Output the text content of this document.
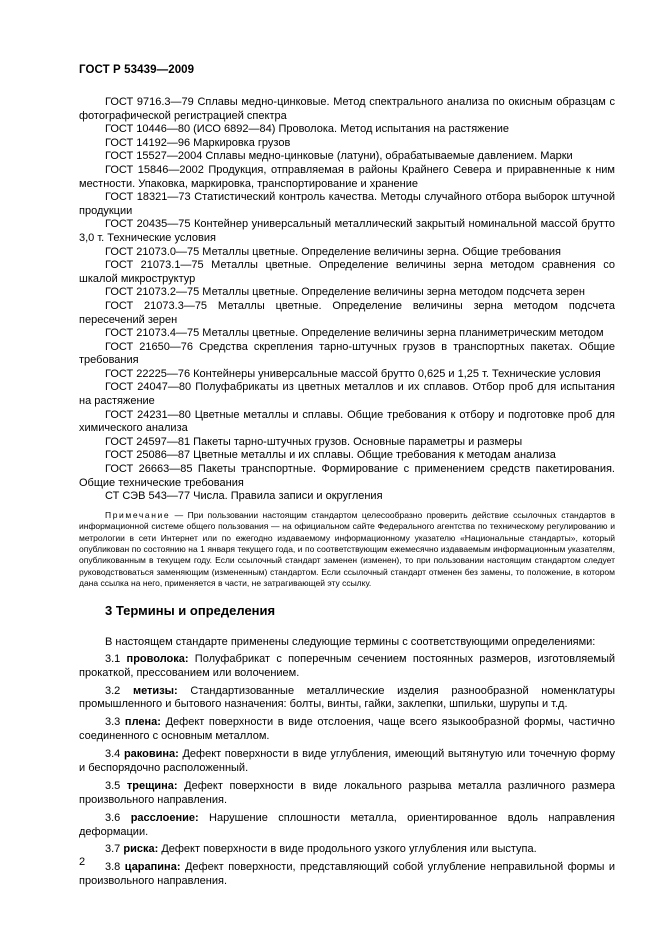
ГОСТ Р 53439—2009

ГОСТ 9716.3—79 Сплавы медно-цинковые. Метод спектрального анализа по окисным образцам с фотографической регистрацией спектра

ГОСТ 10446—80 (ИСО 6892—84) Проволока. Метод испытания на растяжение

ГОСТ 14192—96 Маркировка грузов

ГОСТ 15527—2004 Сплавы медно-цинковые (латуни), обрабатываемые давлением. Марки

ГОСТ 15846—2002 Продукция, отправляемая в районы Крайнего Севера и приравненные к ним местности. Упаковка, маркировка, транспортирование и хранение

ГОСТ 18321—73 Статистический контроль качества. Методы случайного отбора выборок штучной продукции

ГОСТ 20435—75 Контейнер универсальный металлический закрытый номинальной массой брутто 3,0 т. Технические условия

ГОСТ 21073.0—75 Металлы цветные. Определение величины зерна. Общие требования

ГОСТ 21073.1—75 Металлы цветные. Определение величины зерна методом сравнения со шкалой микроструктур

ГОСТ 21073.2—75 Металлы цветные. Определение величины зерна методом подсчета зерен

ГОСТ 21073.3—75 Металлы цветные. Определение величины зерна методом подсчета пересечений зерен

ГОСТ 21073.4—75 Металлы цветные. Определение величины зерна планиметрическим методом

ГОСТ 21650—76 Средства скрепления тарно-штучных грузов в транспортных пакетах. Общие требования

ГОСТ 22225—76 Контейнеры универсальные массой брутто 0,625 и 1,25 т. Технические условия

ГОСТ 24047—80 Полуфабрикаты из цветных металлов и их сплавов. Отбор проб для испытания на растяжение

ГОСТ 24231—80 Цветные металлы и сплавы. Общие требования к отбору и подготовке проб для химического анализа

ГОСТ 24597—81 Пакеты тарно-штучных грузов. Основные параметры и размеры

ГОСТ 25086—87 Цветные металлы и их сплавы. Общие требования к методам анализа

ГОСТ 26663—85 Пакеты транспортные. Формирование с применением средств пакетирования. Общие технические требования

СТ СЭВ 543—77 Числа. Правила записи и округления

Примечание — При пользовании настоящим стандартом целесообразно проверить действие ссылочных стандартов в информационной системе общего пользования — на официальном сайте Федерального агентства по техническому регулированию и метрологии в сети Интернет или по ежегодно издаваемому информационному указателю «Национальные стандарты», который опубликован по состоянию на 1 января текущего года, и по соответствующим ежемесячно издаваемым информационным указателям, опубликованным в текущем году. Если ссылочный стандарт заменен (изменен), то при пользовании настоящим стандартом следует руководствоваться заменяющим (измененным) стандартом. Если ссылочный стандарт отменен без замены, то положение, в котором дана ссылка на него, применяется в части, не затрагивающей эту ссылку.

3 Термины и определения

В настоящем стандарте применены следующие термины с соответствующими определениями:

3.1 проволока: Полуфабрикат с поперечным сечением постоянных размеров, изготовляемый прокаткой, прессованием или волочением.

3.2 метизы: Стандартизованные металлические изделия разнообразной номенклатуры промышленного и бытового назначения: болты, винты, гайки, заклепки, шпильки, шурупы и т.д.

3.3 плена: Дефект поверхности в виде отслоения, чаще всего языкообразной формы, частично соединенного с основным металлом.

3.4 раковина: Дефект поверхности в виде углубления, имеющий вытянутую или точечную форму и беспорядочно расположенный.

3.5 трещина: Дефект поверхности в виде локального разрыва металла различного размера произвольного направления.

3.6 расслоение: Нарушение сплошности металла, ориентированное вдоль направления деформации.

3.7 риска: Дефект поверхности в виде продольного узкого углубления или выступа.

3.8 царапина: Дефект поверхности, представляющий собой углубление неправильной формы и произвольного направления.

2
